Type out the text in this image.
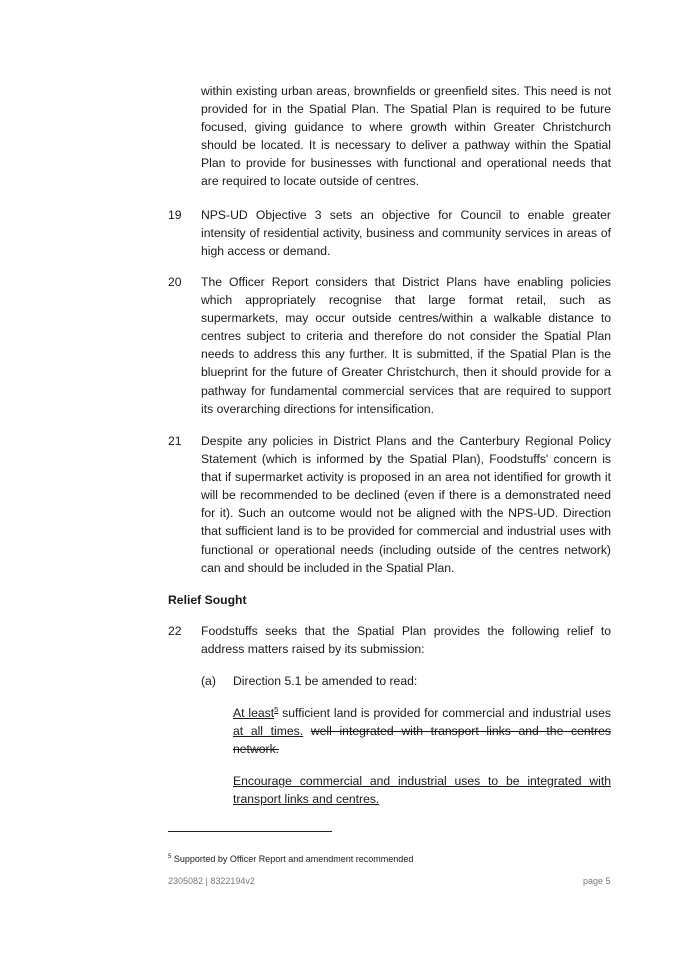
within existing urban areas, brownfields or greenfield sites. This need is not provided for in the Spatial Plan. The Spatial Plan is required to be future focused, giving guidance to where growth within Greater Christchurch should be located. It is necessary to deliver a pathway within the Spatial Plan to provide for businesses with functional and operational needs that are required to locate outside of centres.
19	NPS-UD Objective 3 sets an objective for Council to enable greater intensity of residential activity, business and community services in areas of high access or demand.
20	The Officer Report considers that District Plans have enabling policies which appropriately recognise that large format retail, such as supermarkets, may occur outside centres/within a walkable distance to centres subject to criteria and therefore do not consider the Spatial Plan needs to address this any further. It is submitted, if the Spatial Plan is the blueprint for the future of Greater Christchurch, then it should provide for a pathway for fundamental commercial services that are required to support its overarching directions for intensification.
21	Despite any policies in District Plans and the Canterbury Regional Policy Statement (which is informed by the Spatial Plan), Foodstuffs' concern is that if supermarket activity is proposed in an area not identified for growth it will be recommended to be declined (even if there is a demonstrated need for it). Such an outcome would not be aligned with the NPS-UD. Direction that sufficient land is to be provided for commercial and industrial uses with functional or operational needs (including outside of the centres network) can and should be included in the Spatial Plan.
Relief Sought
22	Foodstuffs seeks that the Spatial Plan provides the following relief to address matters raised by its submission:
(a) Direction 5.1 be amended to read:
At least$^5$ sufficient land is provided for commercial and industrial uses at all times. well integrated with transport links and the centres network.
Encourage commercial and industrial uses to be integrated with transport links and centres.
$^5$ Supported by Officer Report and amendment recommended
2305082 | 8322194v2	page 5
